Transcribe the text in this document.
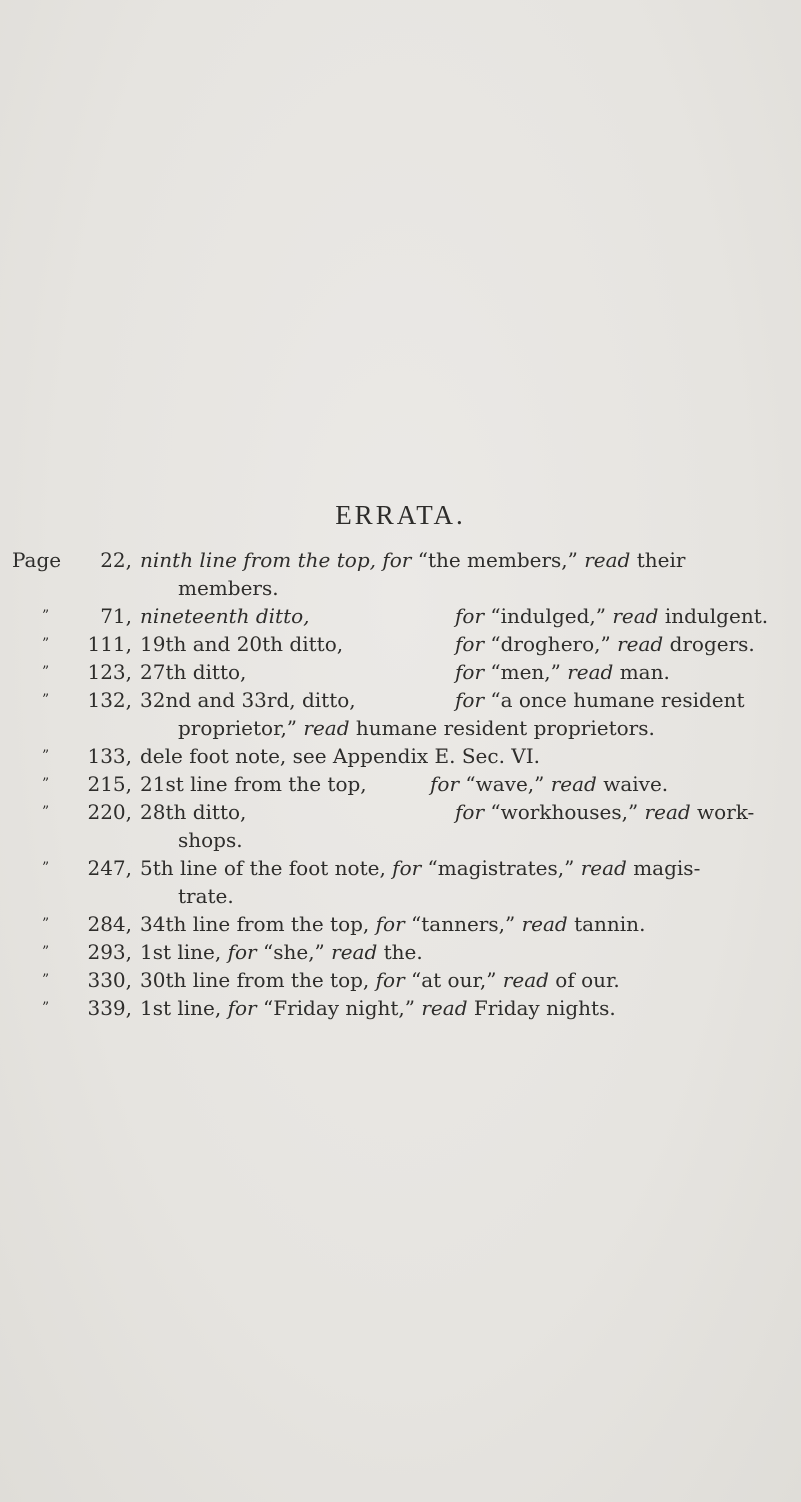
ERRATA.
Page	22, ninth line from the top, for “the members,” read their
members.
”	71, nineteenth ditto,	for “indulged,” read indulgent.
”	111, 19th and 20th ditto,	for “droghero,” read drogers.
”	123, 27th ditto,	for “men,” read man.
”	132, 32nd and 33rd, ditto,	for “a once humane resident
proprietor,” read humane resident proprietors.
”	133, dele foot note, see Appendix E. Sec. VI.
”	215, 21st line from the top,	for “wave,” read waive.
”	220, 28th ditto,	for “workhouses,” read work-
shops.
”	247, 5th line of the foot note, for “magistrates,” read magis-
trate.
”	284, 34th line from the top, for “tanners,” read tannin.
”	293, 1st line, for “she,” read the.
”	330, 30th line from the top, for “at our,” read of our.
”	339, 1st line, for “Friday night,” read Friday nights.
